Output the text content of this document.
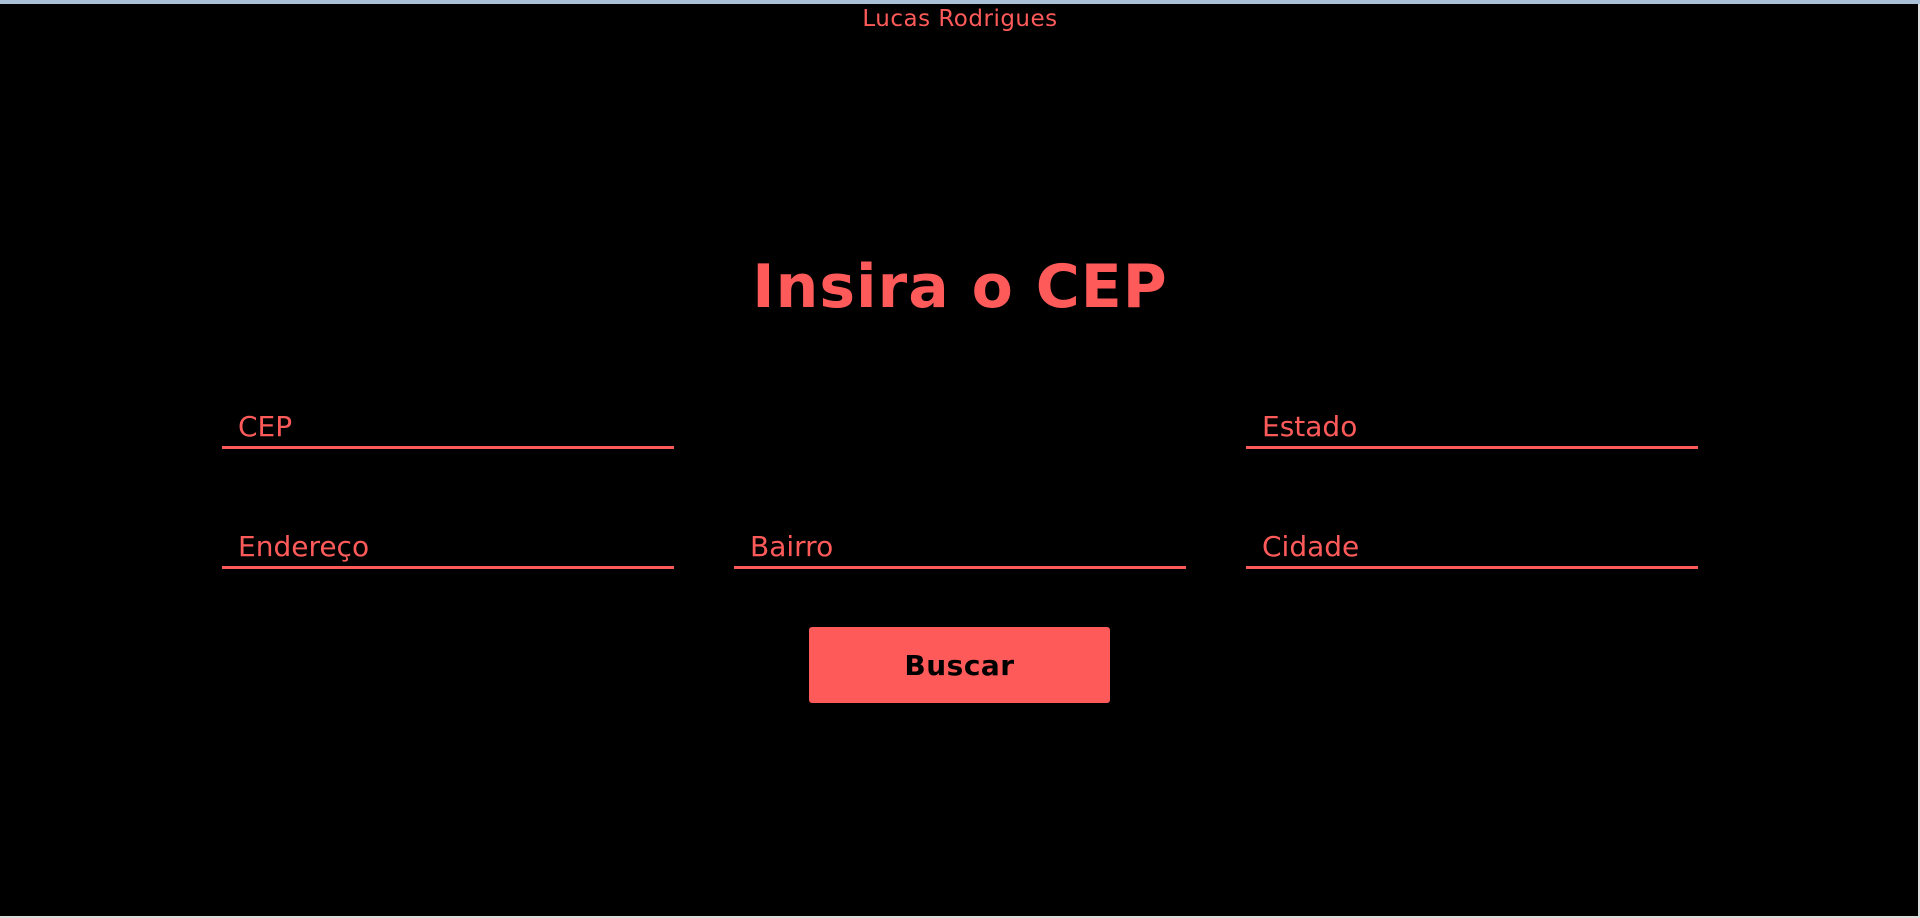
Lucas Rodrigues
Insira o CEP
CEP
Estado
Endereço
Bairro
Cidade
Buscar
